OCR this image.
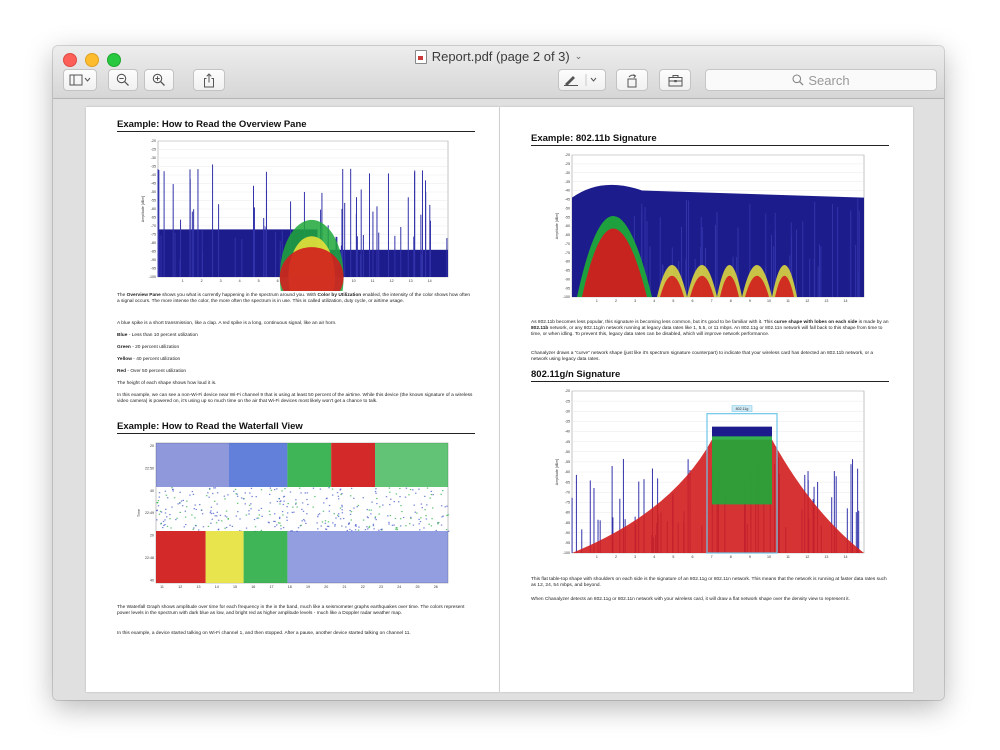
Report.pdf (page 2 of 3) ⌄
Search
Example: How to Read the Overview Pane
-20
-25
-30
-35
-40
-45
-50
-55
-60
-65
-70
-75
-80
-85
-90
-95
-100
1	2	3	4	5	6	10	11	12	13	14
Amplitude [dBm]
The Overview Pane shows you what is currently happening in the spectrum around you. With Color by Utilization enabled, the intensity of the color shows how often a signal occurs. The more intense the color, the more often the spectrum is in use. This is called utilization, duty cycle, or airtime usage.
A blue spike is a short transmission, like a clap. A red spike is a long, continuous signal, like an air horn.
Blue - Less than 10 percent utilization
Green - 20 percent utilization
Yellow - 40 percent utilization
Red - Over 50 percent utilization
The height of each shape shows how loud it is.
In this example, we can see a non-Wi-Fi device near Wi-Fi channel 9 that is using at least 50 percent of the airtime. While this device (the known signature of a wireless video camera) is powered on, it's using up so much time on the air that Wi-Fi devices most likely won't get a chance to talk.
Example: How to Read the Waterfall View
20
22:50
40
22:49
20
22:48
40
11	12	13	14	15	16	17	18	19	20	21	22	23	24	25	26
Time
The Waterfall Graph shows amplitude over time for each frequency in the in the band, much like a seismometer graphs earthquakes over time. The colors represent power levels in the spectrum with dark blue as low, and bright red as higher amplitude levels - much like a Doppler radar weather map.
In this example, a device started talking on Wi-Fi channel 1, and then stopped. After a pause, another device started talking on channel 11.
Example: 802.11b Signature
-20
-25
-30
-35
-40
-45
-50
-55
-60
-65
-70
-75
-80
-85
-90
-95
-100
1	2	3	4	5	6	7	8	9	10	11	12	13	14
Amplitude [dBm]
As 802.11b becomes less popular, this signature is becoming less common, but it's good to be familiar with it. This curve shape with lobes on each side is made by an 802.11b network, or any 802.11g/n network running at legacy data rates like 1, 5.5, or 11 mbps. An 802.11g or 802.11n network will fall back to this shape from time to time, or when idling. To prevent this, legacy data rates can be disabled, which will improve network performance.
Chanalyzer draws a "curve" network shape (just like it's spectrum signature counterpart) to indicate that your wireless card has detected an 802.11b network, or a network using legacy data rates.
802.11g/n Signature
-20
-25
-30
-35
-40
-45
-50
-55
-60
-65
-70
-75
-80
-85
-90
-95
-100
1	2	3	4	5	6	7	8	9	10	11	12	13	14
Amplitude [dBm]
802.11g
This flat table-top shape with shoulders on each side is the signature of an 802.11g or 802.11n network. This means that the network is running at faster data rates such as 12, 24, 54 mbps, and beyond.
When Chanalyzer detects an 802.11g or 802.11n network with your wireless card, it will draw a flat network shape over the density view to represent it.
